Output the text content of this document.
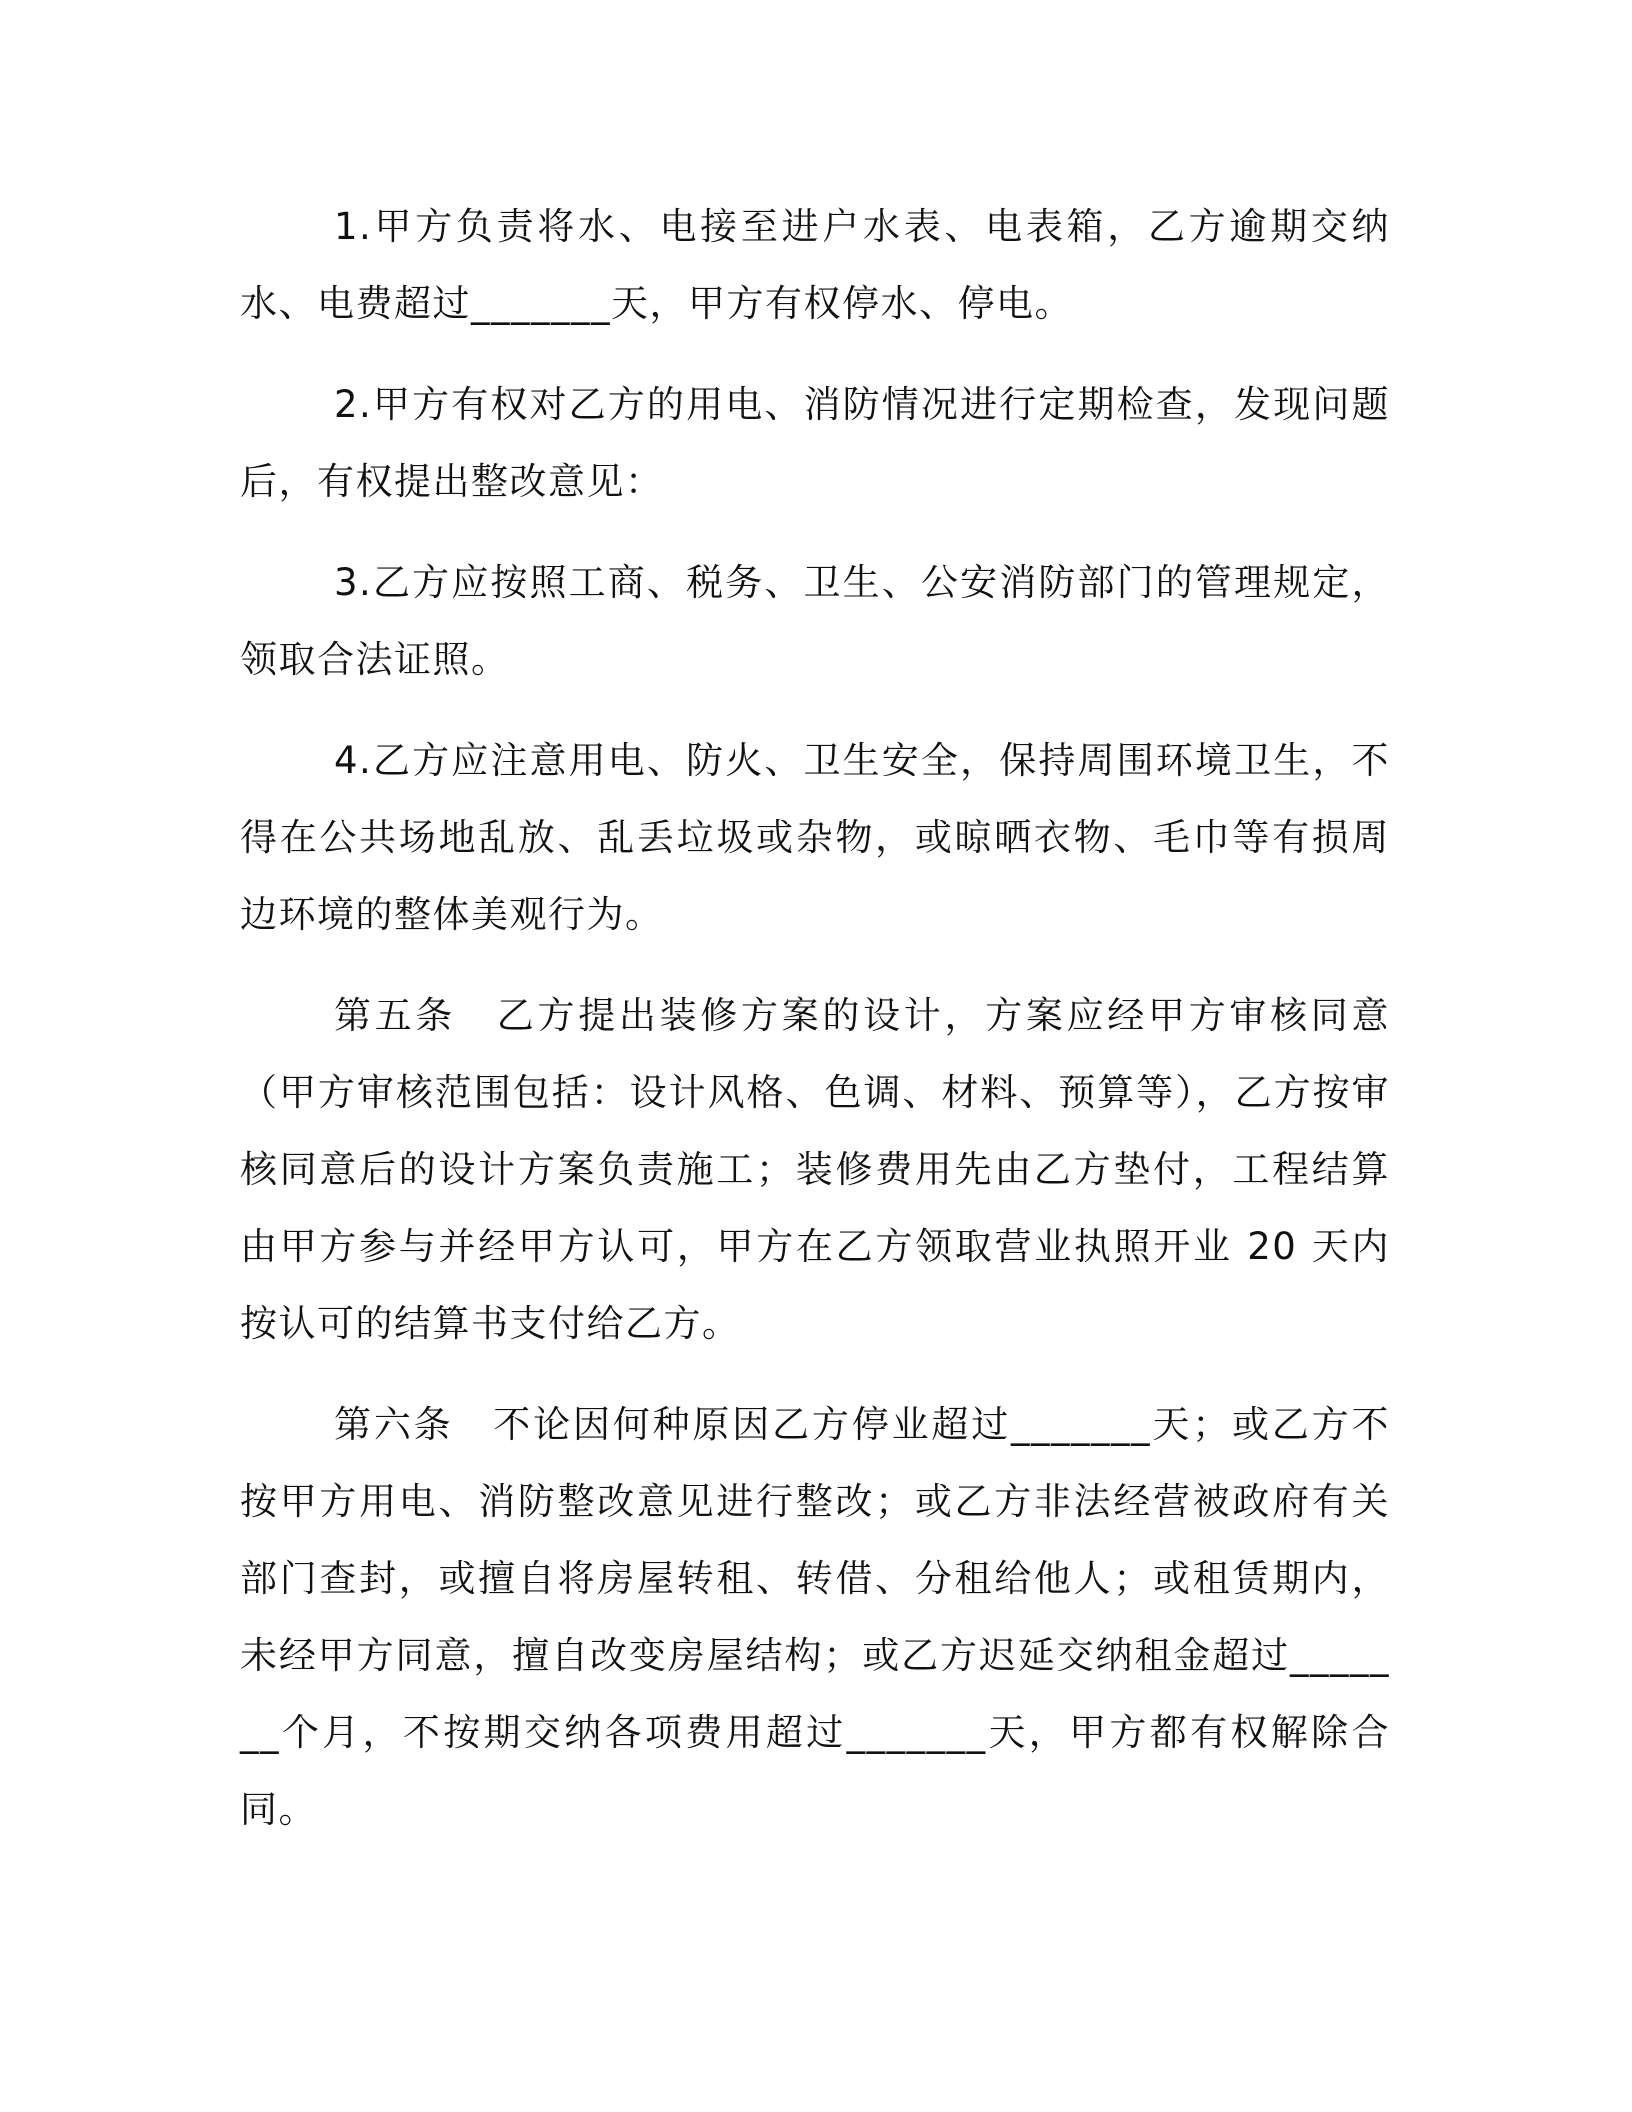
1.甲方负责将水、电接至进户水表、电表箱，乙方逾期交纳水、电费超过_______天，甲方有权停水、停电。

2.甲方有权对乙方的用电、消防情况进行定期检查，发现问题后，有权提出整改意见：

3.乙方应按照工商、税务、卫生、公安消防部门的管理规定，领取合法证照。

4.乙方应注意用电、防火、卫生安全，保持周围环境卫生，不得在公共场地乱放、乱丢垃圾或杂物，或晾晒衣物、毛巾等有损周边环境的整体美观行为。

第五条　乙方提出装修方案的设计，方案应经甲方审核同意（甲方审核范围包括：设计风格、色调、材料、预算等），乙方按审核同意后的设计方案负责施工；装修费用先由乙方垫付，工程结算由甲方参与并经甲方认可，甲方在乙方领取营业执照开业 20 天内按认可的结算书支付给乙方。

第六条　不论因何种原因乙方停业超过_______天；或乙方不按甲方用电、消防整改意见进行整改；或乙方非法经营被政府有关部门查封，或擅自将房屋转租、转借、分租给他人；或租赁期内，未经甲方同意，擅自改变房屋结构；或乙方迟延交纳租金超过_______个月，不按期交纳各项费用超过_______天，甲方都有权解除合同。
